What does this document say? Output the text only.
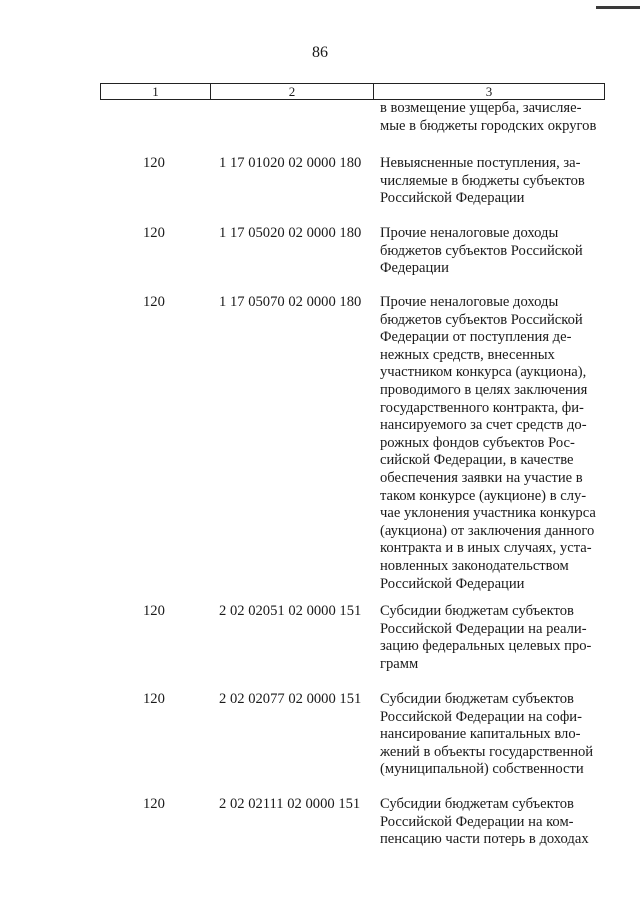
86
1	2	3
в возмещение ущерба, зачисляе-
мые в бюджеты городских округов
120	1 17 01020 02 0000 180	Невыясненные поступления, за-
числяемые в бюджеты субъектов
Российской Федерации
120	1 17 05020 02 0000 180	Прочие неналоговые доходы
бюджетов субъектов Российской
Федерации
120	1 17 05070 02 0000 180	Прочие неналоговые доходы
бюджетов субъектов Российской
Федерации от поступления де-
нежных средств, внесенных
участником конкурса (аукциона),
проводимого в целях заключения
государственного контракта, фи-
нансируемого за счет средств до-
рожных фондов субъектов Рос-
сийской Федерации, в качестве
обеспечения заявки на участие в
таком конкурсе (аукционе) в слу-
чае уклонения участника конкурса
(аукциона) от заключения данного
контракта и в иных случаях, уста-
новленных законодательством
Российской Федерации
120	2 02 02051 02 0000 151	Субсидии бюджетам субъектов
Российской Федерации на реали-
зацию федеральных целевых про-
грамм
120	2 02 02077 02 0000 151	Субсидии бюджетам субъектов
Российской Федерации на софи-
нансирование капитальных вло-
жений в объекты государственной
(муниципальной) собственности
120	2 02 02111 02 0000 151	Субсидии бюджетам субъектов
Российской Федерации на ком-
пенсацию части потерь в доходах
